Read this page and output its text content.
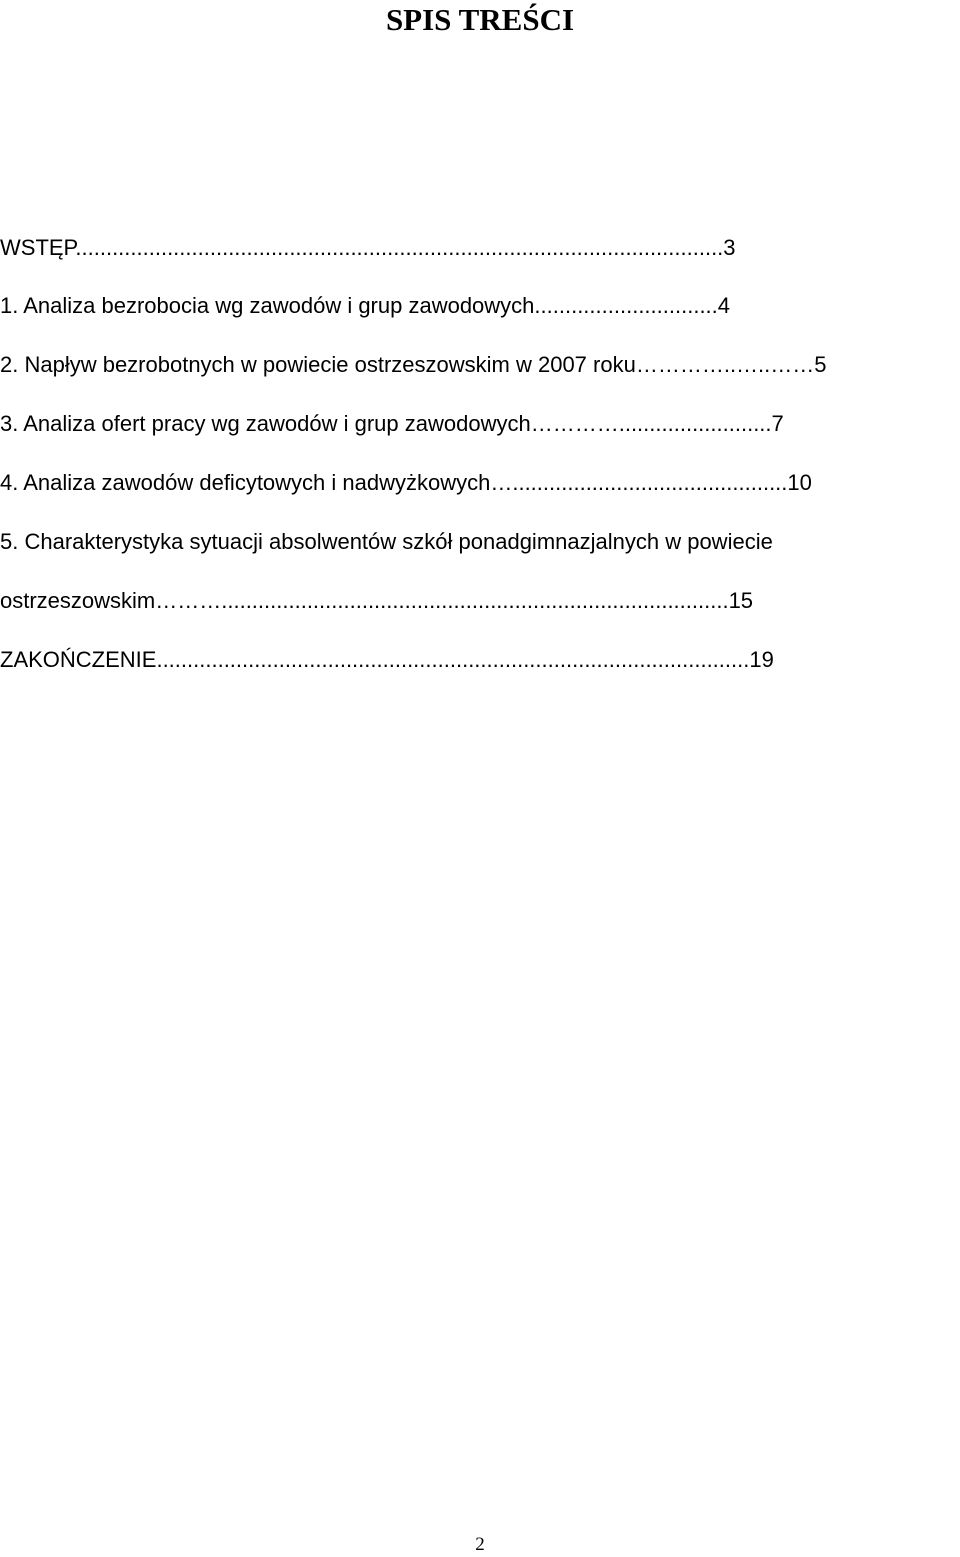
SPIS TREŚCI
WSTĘP..........................................................................................................3
1. Analiza bezrobocia wg zawodów i grup zawodowych..............................4
2. Napływ bezrobotnych w powiecie ostrzeszowskim w 2007 roku…………..…..……5
3. Analiza ofert pracy wg zawodów i grup zawodowych………….........................7
4. Analiza zawodów deficytowych i nadwyżkowych….............................................10
5. Charakterystyka sytuacji absolwentów szkół ponadgimnazjalnych w powiecie
ostrzeszowskim………...................................................................................15
ZAKOŃCZENIE.................................................................................................19
2
